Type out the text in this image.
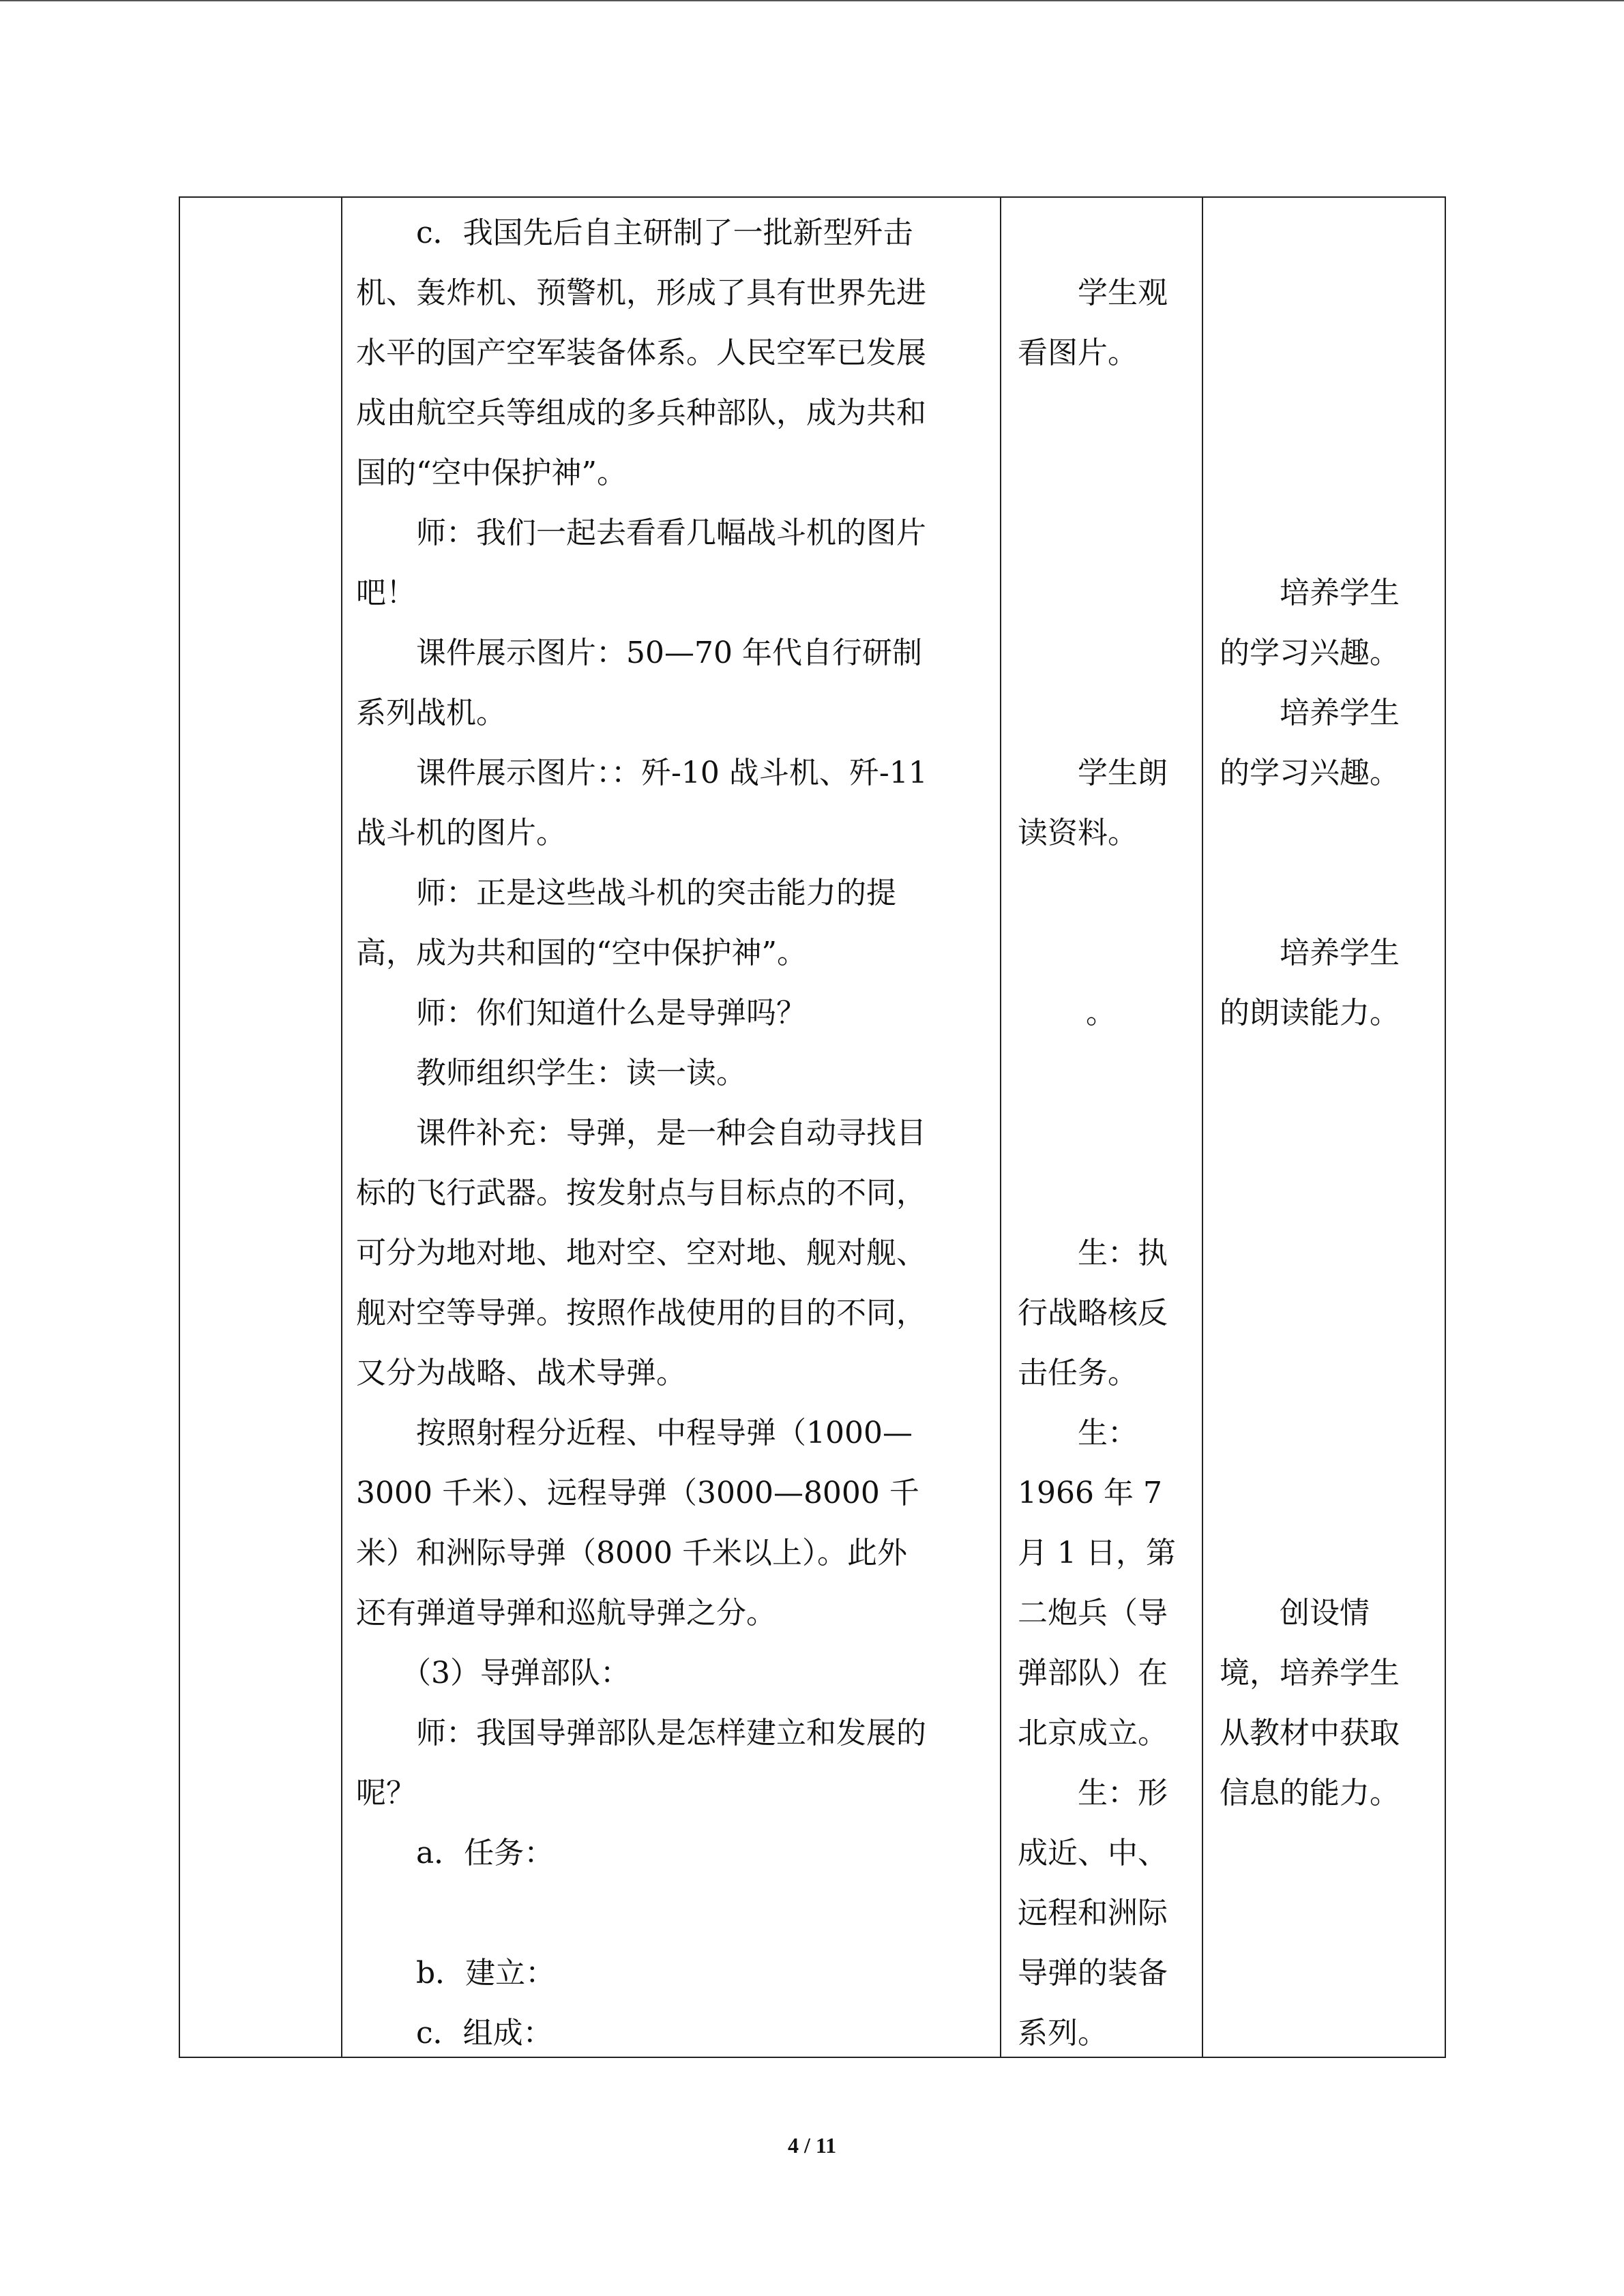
c．我国先后自主研制了一批新型歼击
机、轰炸机、预警机，形成了具有世界先进
水平的国产空军装备体系。人民空军已发展
成由航空兵等组成的多兵种部队，成为共和
国的“空中保护神”。
师：我们一起去看看几幅战斗机的图片
吧！
课件展示图片：50—70 年代自行研制
系列战机。
课件展示图片：：歼-10 战斗机、歼-11
战斗机的图片。
师：正是这些战斗机的突击能力的提
高，成为共和国的“空中保护神”。
师：你们知道什么是导弹吗？
教师组织学生：读一读。
课件补充：导弹，是一种会自动寻找目
标的飞行武器。按发射点与目标点的不同，
可分为地对地、地对空、空对地、舰对舰、
舰对空等导弹。按照作战使用的目的不同，
又分为战略、战术导弹。
按照射程分近程、中程导弹（1000—
3000 千米）、远程导弹（3000—8000 千
米）和洲际导弹（8000 千米以上）。此外
还有弹道导弹和巡航导弹之分。
（3）导弹部队：
师：我国导弹部队是怎样建立和发展的
呢？
a．任务：
b．建立：
c．组成：
学生观
看图片。
学生朗
读资料。
。
生：执
行战略核反
击任务。
生：
1966 年 7
月 1 日，第
二炮兵（导
弹部队）在
北京成立。
生：形
成近、中、
远程和洲际
导弹的装备
系列。
培养学生
的学习兴趣。
培养学生
的学习兴趣。
培养学生
的朗读能力。
创设情
境，培养学生
从教材中获取
信息的能力。
4 / 11
